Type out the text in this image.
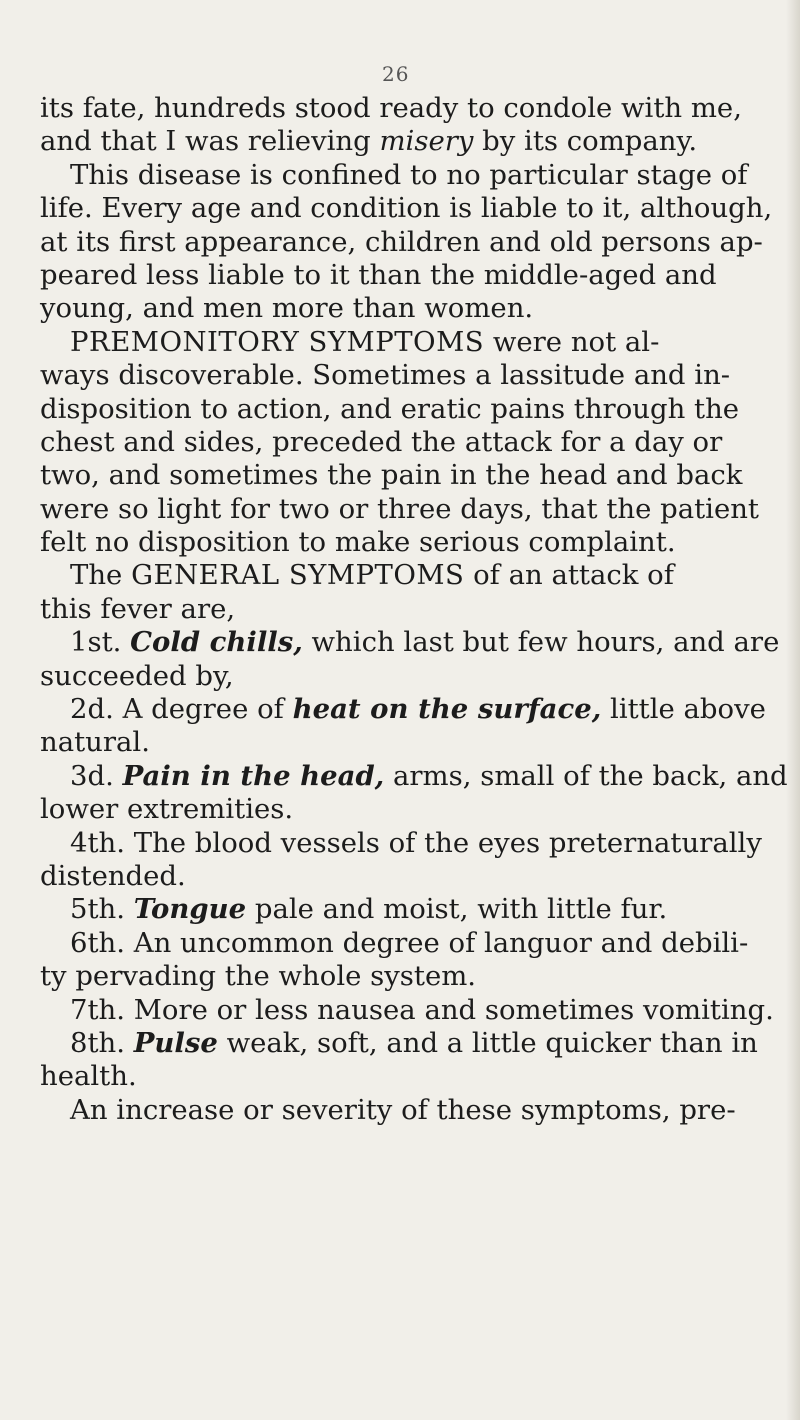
26
its fate, hundreds stood ready to condole with me,
and that I was relieving misery by its company.
This disease is confined to no particular stage of
life. Every age and condition is liable to it, although,
at its first appearance, children and old persons ap-
peared less liable to it than the middle-aged and
young, and men more than women.
PREMONITORY SYMPTOMS were not al-
ways discoverable. Sometimes a lassitude and in-
disposition to action, and eratic pains through the
chest and sides, preceded the attack for a day or
two, and sometimes the pain in the head and back
were so light for two or three days, that the patient
felt no disposition to make serious complaint.
The GENERAL SYMPTOMS of an attack of
this fever are,
1st. Cold chills, which last but few hours, and are
succeeded by,
2d. A degree of heat on the surface, little above
natural.
3d. Pain in the head, arms, small of the back, and
lower extremities.
4th. The blood vessels of the eyes preternaturally
distended.
5th. Tongue pale and moist, with little fur.
6th. An uncommon degree of languor and debili-
ty pervading the whole system.
7th. More or less nausea and sometimes vomiting.
8th. Pulse weak, soft, and a little quicker than in
health.
An increase or severity of these symptoms, pre-
